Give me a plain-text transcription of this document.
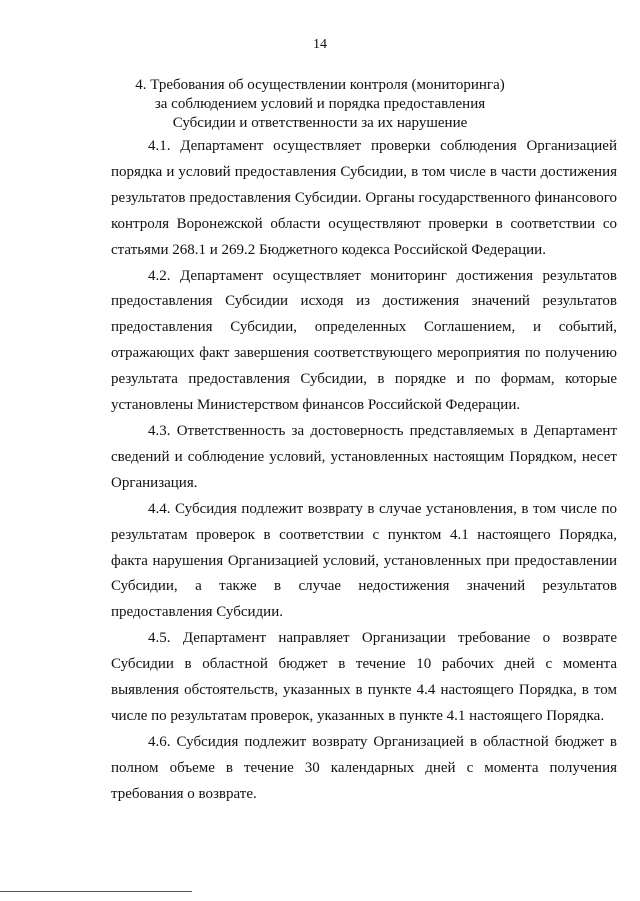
14
4. Требования об осуществлении контроля (мониторинга)
за соблюдением условий и порядка предоставления
Субсидии и ответственности за их нарушение

4.1. Департамент осуществляет проверки соблюдения Организацией порядка и условий предоставления Субсидии, в том числе в части достижения результатов предоставления Субсидии. Органы государственного финансового контроля Воронежской области осуществляют проверки в соответствии со статьями 268.1 и 269.2 Бюджетного кодекса Российской Федерации.

4.2. Департамент осуществляет мониторинг достижения результатов предоставления Субсидии исходя из достижения значений результатов предоставления Субсидии, определенных Соглашением, и событий, отражающих факт завершения соответствующего мероприятия по получению результата предоставления Субсидии, в порядке и по формам, которые установлены Министерством финансов Российской Федерации.

4.3. Ответственность за достоверность представляемых в Департамент сведений и соблюдение условий, установленных настоящим Порядком, несет Организация.

4.4. Субсидия подлежит возврату в случае установления, в том числе по результатам проверок в соответствии с пунктом 4.1 настоящего Порядка, факта нарушения Организацией условий, установленных при предоставлении Субсидии, а также в случае недостижения значений результатов предоставления Субсидии.

4.5. Департамент направляет Организации требование о возврате Субсидии в областной бюджет в течение 10 рабочих дней с момента выявления обстоятельств, указанных в пункте 4.4 настоящего Порядка, в том числе по результатам проверок, указанных в пункте 4.1 настоящего Порядка.

4.6. Субсидия подлежит возврату Организацией в областной бюджет в полном объеме в течение 30 календарных дней с момента получения требования о возврате.
